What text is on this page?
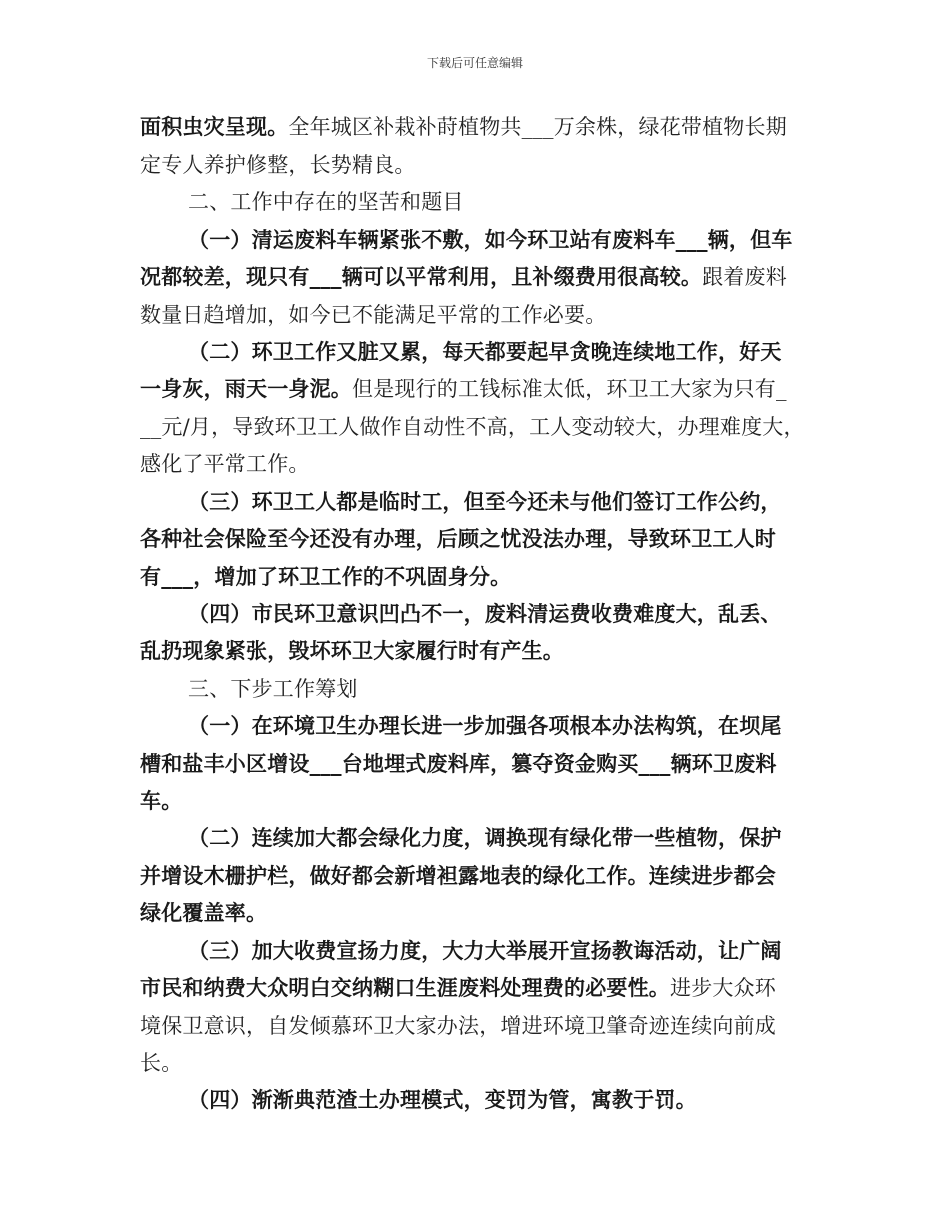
下载后可任意编辑
面积虫灾呈现。全年城区补栽补莳植物共___万余株，绿花带植物长期
定专人养护修整，长势精良。
二、工作中存在的坚苦和题目
（一）清运废料车辆紧张不敷，如今环卫站有废料车___辆，但车
况都较差，现只有___辆可以平常利用，且补缀费用很高较。跟着废料
数量日趋增加，如今已不能满足平常的工作必要。
（二）环卫工作又脏又累，每天都要起早贪晚连续地工作，好天
一身灰，雨天一身泥。但是现行的工钱标准太低，环卫工大家为只有_
__元/月，导致环卫工人做作自动性不高，工人变动较大，办理难度大，
感化了平常工作。
（三）环卫工人都是临时工，但至今还未与他们签订工作公约，
各种社会保险至今还没有办理，后顾之忧没法办理，导致环卫工人时
有___，增加了环卫工作的不巩固身分。
（四）市民环卫意识凹凸不一，废料清运费收费难度大，乱丢、
乱扔现象紧张，毁坏环卫大家履行时有产生。
三、下步工作筹划
（一）在环境卫生办理长进一步加强各项根本办法构筑，在坝尾
槽和盐丰小区增设___台地埋式废料库，篡夺资金购买___辆环卫废料
车。
（二）连续加大都会绿化力度，调换现有绿化带一些植物，保护
并增设木栅护栏，做好都会新增袒露地表的绿化工作。连续进步都会
绿化覆盖率。
（三）加大收费宣扬力度，大力大举展开宣扬教诲活动，让广阔
市民和纳费大众明白交纳糊口生涯废料处理费的必要性。进步大众环
境保卫意识，自发倾慕环卫大家办法，增进环境卫肇奇迹连续向前成
长。
（四）渐渐典范渣土办理模式，变罚为管，寓教于罚。
